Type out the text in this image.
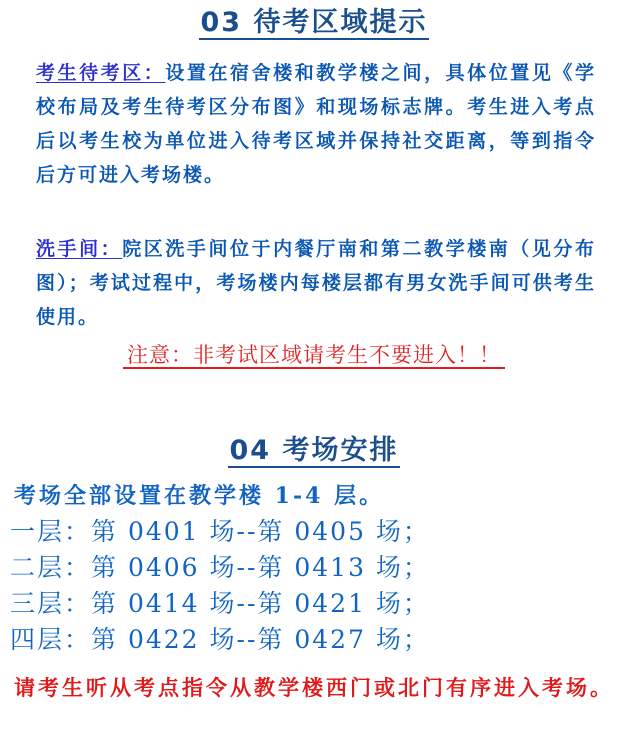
03 待考区域提示
考生待考区：设置在宿舍楼和教学楼之间，具体位置见《学校布局及考生待考区分布图》和现场标志牌。考生进入考点后以考生校为单位进入待考区域并保持社交距离，等到指令后方可进入考场楼。
洗手间：院区洗手间位于内餐厅南和第二教学楼南（见分布图）；考试过程中，考场楼内每楼层都有男女洗手间可供考生使用。
注意：非考试区域请考生不要进入！！
04 考场安排
考场全部设置在教学楼 1-4 层。
一层：第 0401 场--第 0405 场；
二层：第 0406 场--第 0413 场；
三层：第 0414 场--第 0421 场；
四层：第 0422 场--第 0427 场；
请考生听从考点指令从教学楼西门或北门有序进入考场。
